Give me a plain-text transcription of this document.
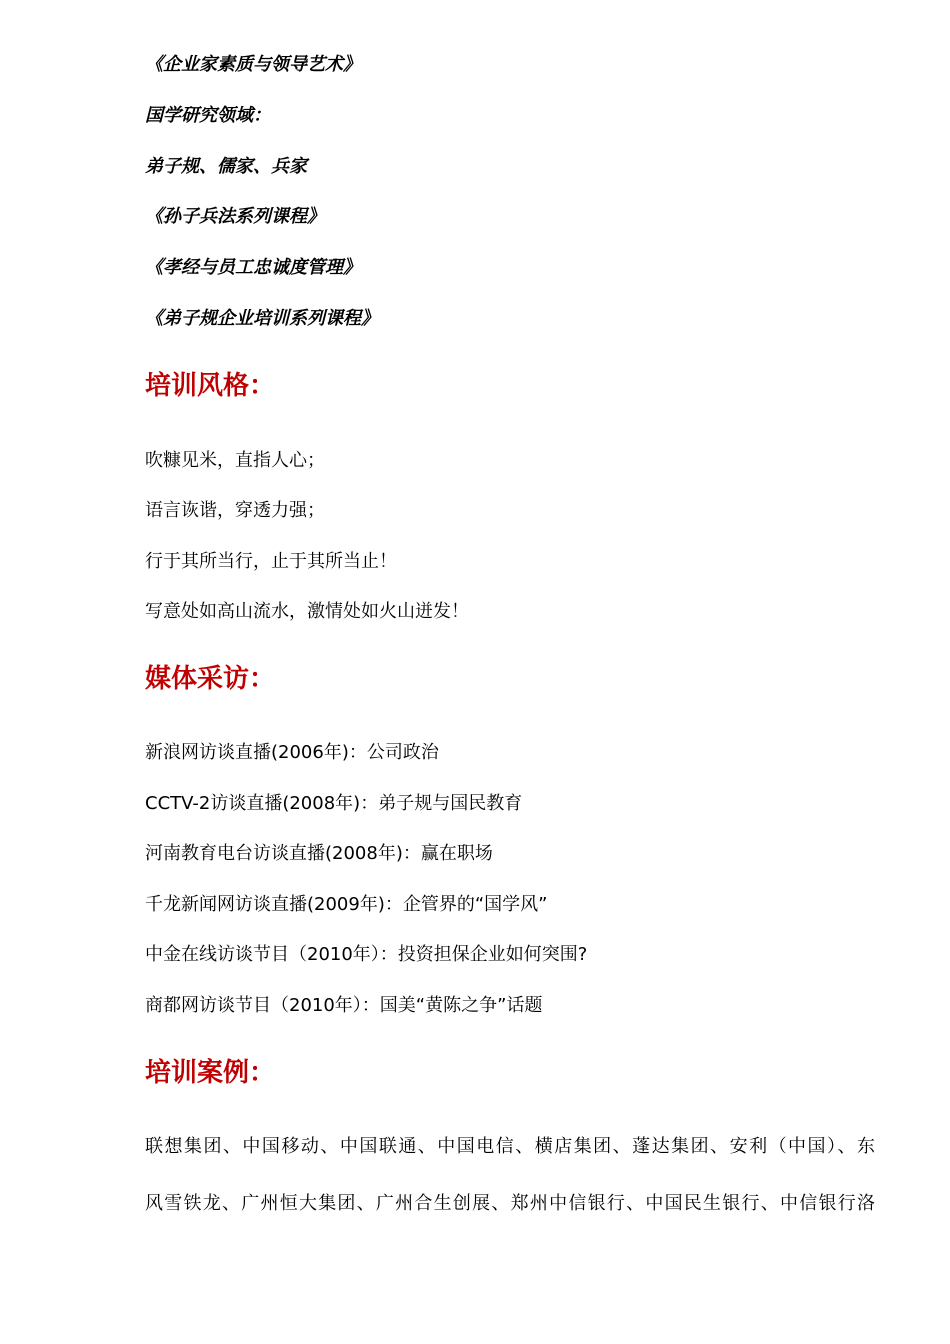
《企业家素质与领导艺术》
国学研究领域：
弟子规、儒家、兵家
《孙子兵法系列课程》
《孝经与员工忠诚度管理》
《弟子规企业培训系列课程》
培训风格：
吹糠见米，直指人心；
语言诙谐，穿透力强；
行于其所当行，止于其所当止！
写意处如高山流水，激情处如火山迸发！
媒体采访：
新浪网访谈直播(2006年)：公司政治
CCTV-2访谈直播(2008年)：弟子规与国民教育
河南教育电台访谈直播(2008年)：赢在职场
千龙新闻网访谈直播(2009年)：企管界的“国学风”
中金在线访谈节目（2010年）：投资担保企业如何突围?
商都网访谈节目（2010年）：国美“黄陈之争”话题
培训案例：
联想集团、中国移动、中国联通、中国电信、横店集团、蓬达集团、安利（中国）、东
风雪铁龙、广州恒大集团、广州合生创展、郑州中信银行、中国民生银行、中信银行洛
